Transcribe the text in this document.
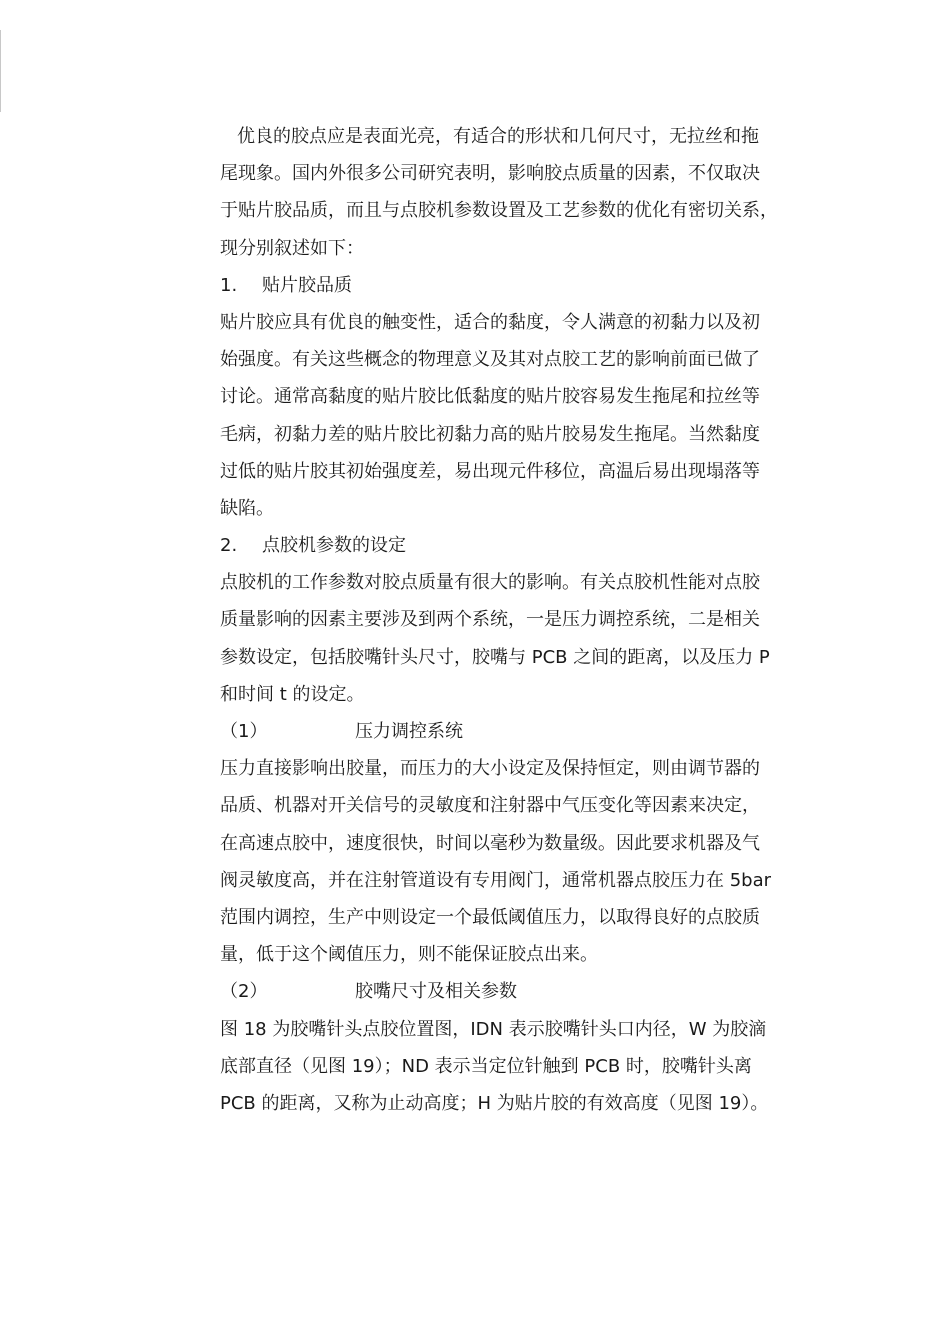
优良的胶点应是表面光亮，有适合的形状和几何尺寸，无拉丝和拖
尾现象。国内外很多公司研究表明，影响胶点质量的因素，不仅取决
于贴片胶品质，而且与点胶机参数设置及工艺参数的优化有密切关系，
现分别叙述如下：
1. 贴片胶品质
贴片胶应具有优良的触变性，适合的黏度，令人满意的初黏力以及初
始强度。有关这些概念的物理意义及其对点胶工艺的影响前面已做了
讨论。通常高黏度的贴片胶比低黏度的贴片胶容易发生拖尾和拉丝等
毛病，初黏力差的贴片胶比初黏力高的贴片胶易发生拖尾。当然黏度
过低的贴片胶其初始强度差，易出现元件移位，高温后易出现塌落等
缺陷。
2. 点胶机参数的设定
点胶机的工作参数对胶点质量有很大的影响。有关点胶机性能对点胶
质量影响的因素主要涉及到两个系统，一是压力调控系统，二是相关
参数设定，包括胶嘴针头尺寸，胶嘴与 PCB 之间的距离，以及压力 P
和时间 t 的设定。
（1）	压力调控系统
压力直接影响出胶量，而压力的大小设定及保持恒定，则由调节器的
品质、机器对开关信号的灵敏度和注射器中气压变化等因素来决定，
在高速点胶中，速度很快，时间以毫秒为数量级。因此要求机器及气
阀灵敏度高，并在注射管道设有专用阀门，通常机器点胶压力在 5bar
范围内调控，生产中则设定一个最低阈值压力，以取得良好的点胶质
量，低于这个阈值压力，则不能保证胶点出来。
（2）	胶嘴尺寸及相关参数
图 18 为胶嘴针头点胶位置图，IDN 表示胶嘴针头口内径，W 为胶滴
底部直径（见图 19）；ND 表示当定位针触到 PCB 时，胶嘴针头离
PCB 的距离，又称为止动高度；H 为贴片胶的有效高度（见图 19）。
